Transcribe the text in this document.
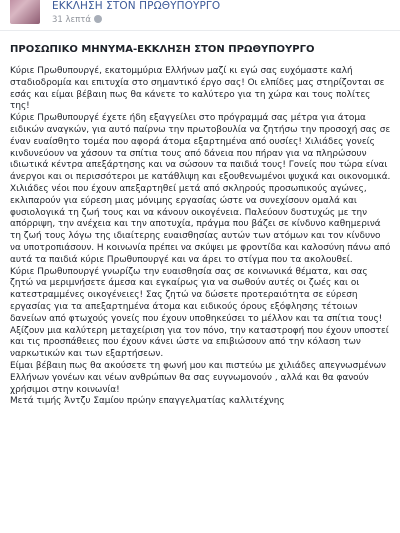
ΕΚΚΛΗΣΗ ΣΤΟΝ ΠΡΩΘΥΠΟΥΡΓΟ
31 λεπτά
ΠΡΟΣΩΠΙΚΟ ΜΗΝΥΜΑ-ΕΚΚΛΗΣΗ ΣΤΟΝ ΠΡΩΘΥΠΟΥΡΓΟ

Κύριε Πρωθυπουργέ, εκατομμύρια Ελλήνων μαζί κι εγώ σας ευχόμαστε καλή σταδιοδρομία και επιτυχία στο σημαντικό έργο σας! Οι ελπίδες μας στηρίζονται σε εσάς και είμαι βέβαιη πως θα κάνετε το καλύτερο για τη χώρα και τους πολίτες της!

Κύριε Πρωθυπουργέ έχετε ήδη εξαγγείλει στο πρόγραμμά σας μέτρα για άτομα ειδικών αναγκών, για αυτό παίρνω την πρωτοβουλία να ζητήσω την προσοχή σας σε έναν ευαίσθητο τομέα που αφορά άτομα εξαρτημένα από ουσίες! Χιλιάδες γονείς κινδυνεύουν να χάσουν τα σπίτια τους από δάνεια που πήραν για να πληρώσουν ιδιωτικά κέντρα απεξάρτησης και να σώσουν τα παιδιά τους! Γονείς που τώρα είναι άνεργοι και οι περισσότεροι με κατάθλιψη και εξουθενωμένοι ψυχικά και οικονομικά.

Χιλιάδες νέοι που έχουν απεξαρτηθεί μετά από σκληρούς προσωπικούς αγώνες, εκλιπαρούν για εύρεση μιας μόνιμης εργασίας ώστε να συνεχίσουν ομαλά και φυσιολογικά τη ζωή τους και να κάνουν οικογένεια. Παλεύουν δυστυχώς με την απόρριψη, την ανέχεια και την αποτυχία, πράγμα που βάζει σε κίνδυνο καθημερινά τη ζωή τους λόγω της ιδιαίτερης ευαισθησίας αυτών των ατόμων και τον κίνδυνο να υποτροπιάσουν. Η κοινωνία πρέπει να σκύψει με φροντίδα και καλοσύνη πάνω από αυτά τα παιδιά κύριε Πρωθυπουργέ και να άρει το στίγμα που τα ακολουθεί.

Κύριε Πρωθυπουργέ γνωρίζω την ευαισθησία σας σε κοινωνικά θέματα, και σας ζητώ να μεριμνήσετε άμεσα και εγκαίρως για να σωθούν αυτές οι ζωές και οι κατεστραμμένες οικογένειες! Σας ζητώ να δώσετε προτεραιότητα σε εύρεση εργασίας για τα απεξαρτημένα άτομα και ειδικούς όρους εξόφλησης τέτοιων δανείων από φτωχούς γονείς που έχουν υποθηκεύσει το μέλλον και τα σπίτια τους! Αξίζουν μια καλύτερη μεταχείριση για τον πόνο, την καταστροφή που έχουν υποστεί και τις προσπάθειες που έχουν κάνει ώστε να επιβιώσουν από την κόλαση των ναρκωτικών και των εξαρτήσεων.

Είμαι βέβαιη πως θα ακούσετε τη φωνή μου και πιστεύω με χιλιάδες απεγνωσμένων Ελλήνων γονέων και νέων ανθρώπων θα σας ευγνωμονούν , αλλά και θα φανούν χρήσιμοι στην κοινωνία!

Μετά τιμής Άντζυ Σαμίου πρώην επαγγελματίας καλλιτέχνης
